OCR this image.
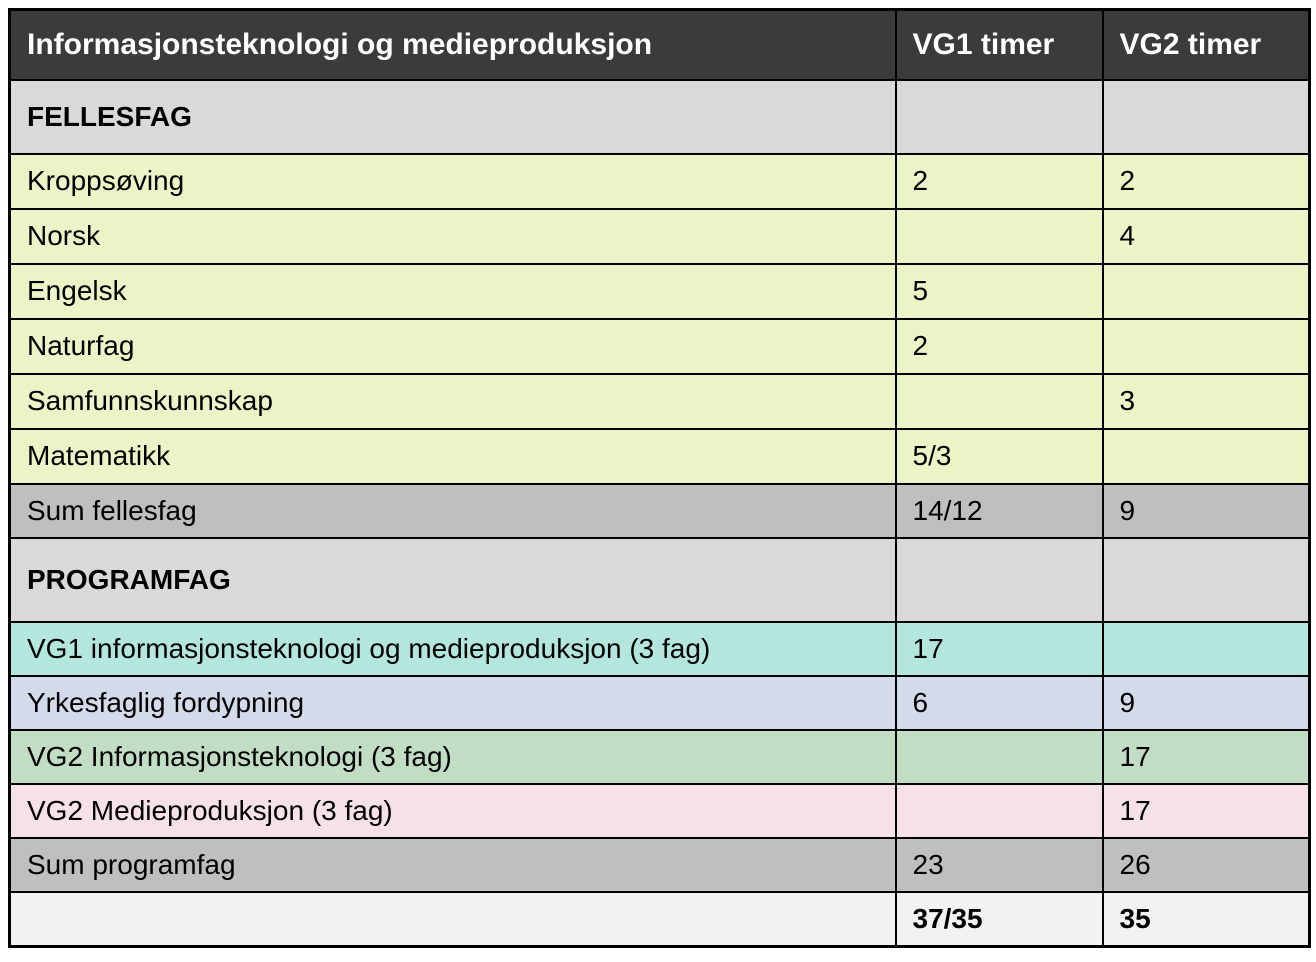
Informasjonsteknologi og medieproduksjon	VG1 timer	VG2 timer
FELLESFAG		
Kroppsøving	2	2
Norsk		4
Engelsk	5	
Naturfag	2	
Samfunnskunnskap		3
Matematikk	5/3	
Sum fellesfag	14/12	9
PROGRAMFAG		
VG1 informasjonsteknologi og medieproduksjon (3 fag)	17	
Yrkesfaglig fordypning	6	9
VG2 Informasjonsteknologi (3 fag)		17
VG2 Medieproduksjon (3 fag)		17
Sum programfag	23	26
	37/35	35
